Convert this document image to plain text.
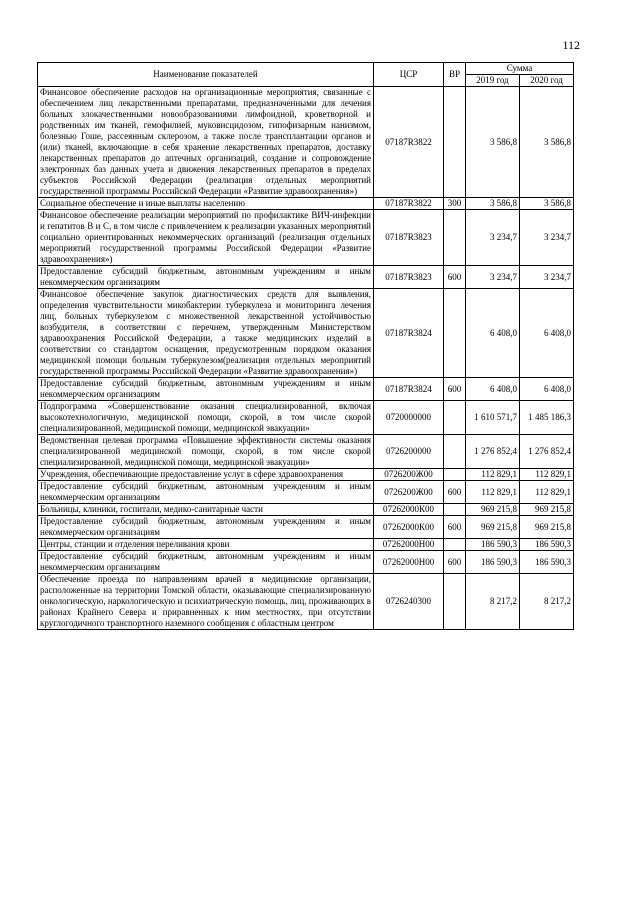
112
Наименование показателей	ЦСР	ВР	Сумма	
			2019 год	2020 год
Финансовое обеспечение расходов на организационные мероприятия, связанные с обеспечением лиц лекарственными препаратами, предназначенными для лечения больных злокачественными новообразованиями лимфоидной, кроветворной и родственных им тканей, гемофилией, муковисцидозом, гипофизарным нанизмом, болезнью Гоше, рассеянным склерозом, а также после трансплантации органов и (или) тканей, включающие в себя хранение лекарственных препаратов, доставку лекарственных препаратов до аптечных организаций, создание и сопровождение электронных баз данных учета и движения лекарственных препаратов в пределах субъектов Российской Федерации (реализация отдельных мероприятий государственной программы Российской Федерации «Развитие здравоохранения»)	07187R3822		3 586,8	3 586,8
Социальное обеспечение и иные выплаты населению	07187R3822	300	3 586,8	3 586,8
Финансовое обеспечение реализации мероприятий по профилактике ВИЧ-инфекции и гепатитов В и С, в том числе с привлечением к реализации указанных мероприятий социально ориентированных некоммерческих организаций (реализация отдельных мероприятий государственной программы Российской Федерации «Развитие здравоохранения»)	07187R3823		3 234,7	3 234,7
Предоставление субсидий бюджетным, автономным учреждениям и иным некоммерческим организациям	07187R3823	600	3 234,7	3 234,7
Финансовое обеспечение закупок диагностических средств для выявления, определения чувствительности микобактерии туберкулеза и мониторинга лечения лиц, больных туберкулезом с множественной лекарственной устойчивостью возбудителя, в соответствии с перечнем, утвержденным Министерством здравоохранения Российской Федерации, а также медицинских изделий в соответствии со стандартом оснащения, предусмотренным порядком оказания медицинской помощи больным туберкулезом(реализация отдельных мероприятий государственной программы Российской Федерации «Развитие здравоохранения»)	07187R3824		6 408,0	6 408,0
Предоставление субсидий бюджетным, автономным учреждениям и иным некоммерческим организациям	07187R3824	600	6 408,0	6 408,0
Подпрограмма «Совершенствование оказания специализированной, включая высокотехнологичную, медицинской помощи, скорой, в том числе скорой специализированной, медицинской помощи, медицинской эвакуации»	0720000000		1 610 571,7	1 485 186,3
Ведомственная целевая программа «Повышение эффективности системы оказания специализированной медицинской помощи, скорой, в том числе скорой специализированной, медицинской помощи, медицинской эвакуации»	0726200000		1 276 852,4	1 276 852,4
Учреждения, обеспечивающие предоставление услуг в сфере здравоохранения	0726200Ж00		112 829,1	112 829,1
Предоставление субсидий бюджетным, автономным учреждениям и иным некоммерческим организациям	0726200Ж00	600	112 829,1	112 829,1
Больницы, клиники, госпитали, медико-санитарные части	07262000К00		969 215,8	969 215,8
Предоставление субсидий бюджетным, автономным учреждениям и иным некоммерческим организациям	07262000К00	600	969 215,8	969 215,8
Центры, станции и отделения переливания крови	07262000Н00		186 590,3	186 590,3
Предоставление субсидий бюджетным, автономным учреждениям и иным некоммерческим организациям	07262000Н00	600	186 590,3	186 590,3
Обеспечение проезда по направлениям врачей в медицинские организации, расположенные на территории Томской области, оказывающие специализированную онкологическую, наркологическую и психиатрическую помощь, лиц, проживающих в районах Крайнего Севера и приравненных к ним местностях, при отсутствии круглогодичного транспортного наземного сообщения с областным центром	0726240300		8 217,2	8 217,2
